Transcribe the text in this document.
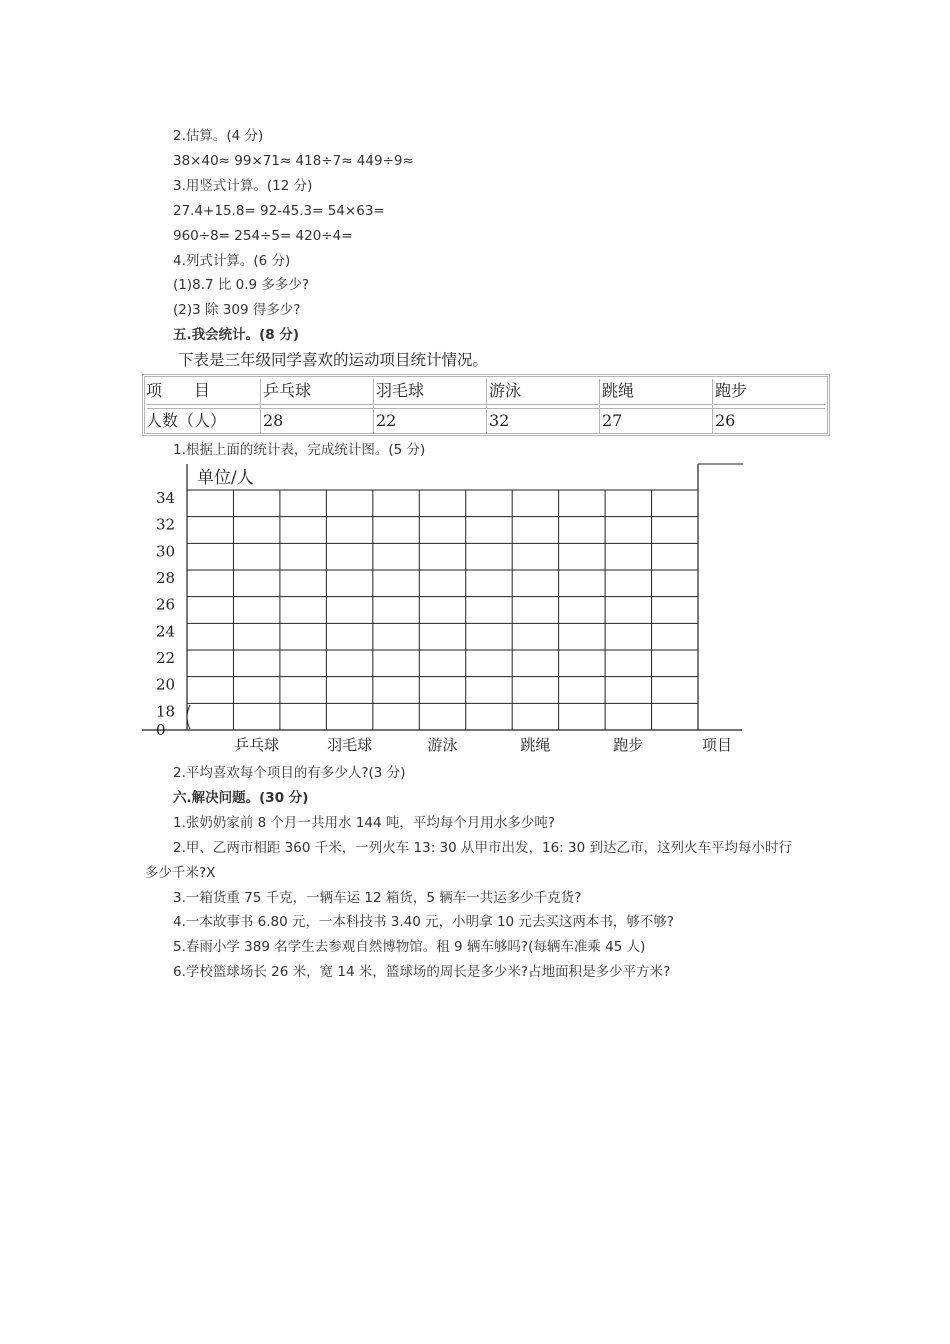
2.估算。(4 分)
38×40≈ 99×71≈ 418÷7≈ 449÷9≈
3.用竖式计算。(12 分)
27.4+15.8= 92-45.3= 54×63=
960÷8= 254÷5= 420÷4=
4.列式计算。(6 分)
(1)8.7 比 0.9 多多少?
(2)3 除 309 得多少?
五.我会统计。(8 分)
下表是三年级同学喜欢的运动项目统计情况。
项　　目	乒乓球	羽毛球	游泳	跳绳	跑步
人数（人） 28	22	32	27	26
1.根据上面的统计表，完成统计图。(5 分)
单位/人
34
32
30
28
26
24
22
20
18
0
乒乓球	羽毛球	游泳	跳绳	跑步	项目
2.平均喜欢每个项目的有多少人?(3 分)
六.解决问题。(30 分)
1.张奶奶家前 8 个月一共用水 144 吨，平均每个月用水多少吨?
2.甲、乙两市相距 360 千米，一列火车 13: 30 从甲市出发，16: 30 到达乙市，这列火车平均每小时行
多少千米?X
3.一箱货重 75 千克，一辆车运 12 箱货，5 辆车一共运多少千克货?
4.一本故事书 6.80 元，一本科技书 3.40 元，小明拿 10 元去买这两本书，够不够?
5.春雨小学 389 名学生去参观自然博物馆。租 9 辆车够吗?(每辆车准乘 45 人)
6.学校篮球场长 26 米，宽 14 米，篮球场的周长是多少米?占地面积是多少平方米?
